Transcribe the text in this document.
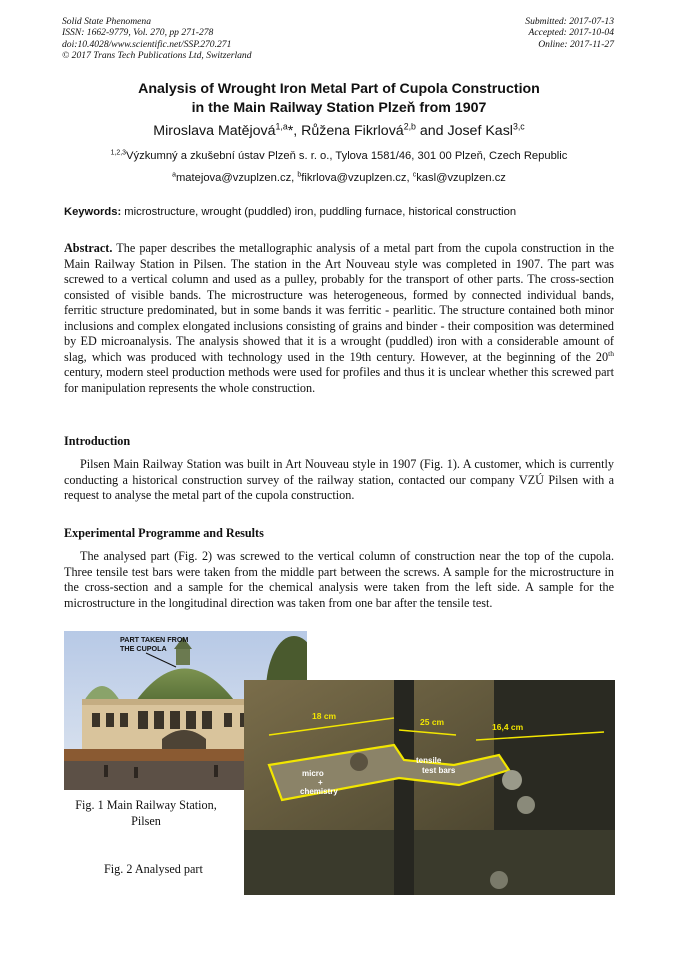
Solid State Phenomena
ISSN: 1662-9779, Vol. 270, pp 271-278
doi:10.4028/www.scientific.net/SSP.270.271
© 2017 Trans Tech Publications Ltd, Switzerland
Submitted: 2017-07-13
Accepted: 2017-10-04
Online: 2017-11-27
Analysis of Wrought Iron Metal Part of Cupola Construction
in the Main Railway Station Plzeň from 1907
Miroslava Matějová$^{1,a}$*, Růžena Fikrlová$^{2,b}$ and Josef Kasl$^{3,c}$
$^{1,2,3}$Výzkumný a zkušební ústav Plzeň s. r. o., Tylova 1581/46, 301 00 Plzeň, Czech Republic
$^a$matejova@vzuplzen.cz, $^b$fikrlova@vzuplzen.cz, $^c$kasl@vzuplzen.cz
Keywords: microstructure, wrought (puddled) iron, puddling furnace, historical construction
Abstract. The paper describes the metallographic analysis of a metal part from the cupola construction in the Main Railway Station in Pilsen. The station in the Art Nouveau style was completed in 1907. The part was screwed to a vertical column and used as a pulley, probably for the transport of other parts. The cross-section consisted of visible bands. The microstructure was heterogeneous, formed by connected individual bands, ferritic structure predominated, but in some bands it was ferritic - pearlitic. The structure contained both minor inclusions and complex elongated inclusions consisting of grains and binder - their composition was determined by ED microanalysis. The analysis showed that it is a wrought (puddled) iron with a considerable amount of slag, which was produced with technology used in the 19th century. However, at the beginning of the 20th century, modern steel production methods were used for profiles and thus it is unclear whether this screwed part for manipulation represents the whole construction.
Introduction
Pilsen Main Railway Station was built in Art Nouveau style in 1907 (Fig. 1). A customer, which is currently conducting a historical construction survey of the railway station, contacted our company VZÚ Pilsen with a request to analyse the metal part of the cupola construction.
Experimental Programme and Results
The analysed part (Fig. 2) was screwed to the vertical column of construction near the top of the cupola. Three tensile test bars were taken from the middle part between the screws. A sample for the microstructure in the cross-section and a sample for the chemical analysis were taken from the left side. A sample for the microstructure in the longitudinal direction was taken from one bar after the tensile test.
PART TAKEN FROM
THE CUPOLA
18 cm
25 cm	16,4 cm
micro
+
chemistry
tensile
test bars
Fig. 1 Main Railway Station,
Pilsen
Fig. 2 Analysed part
